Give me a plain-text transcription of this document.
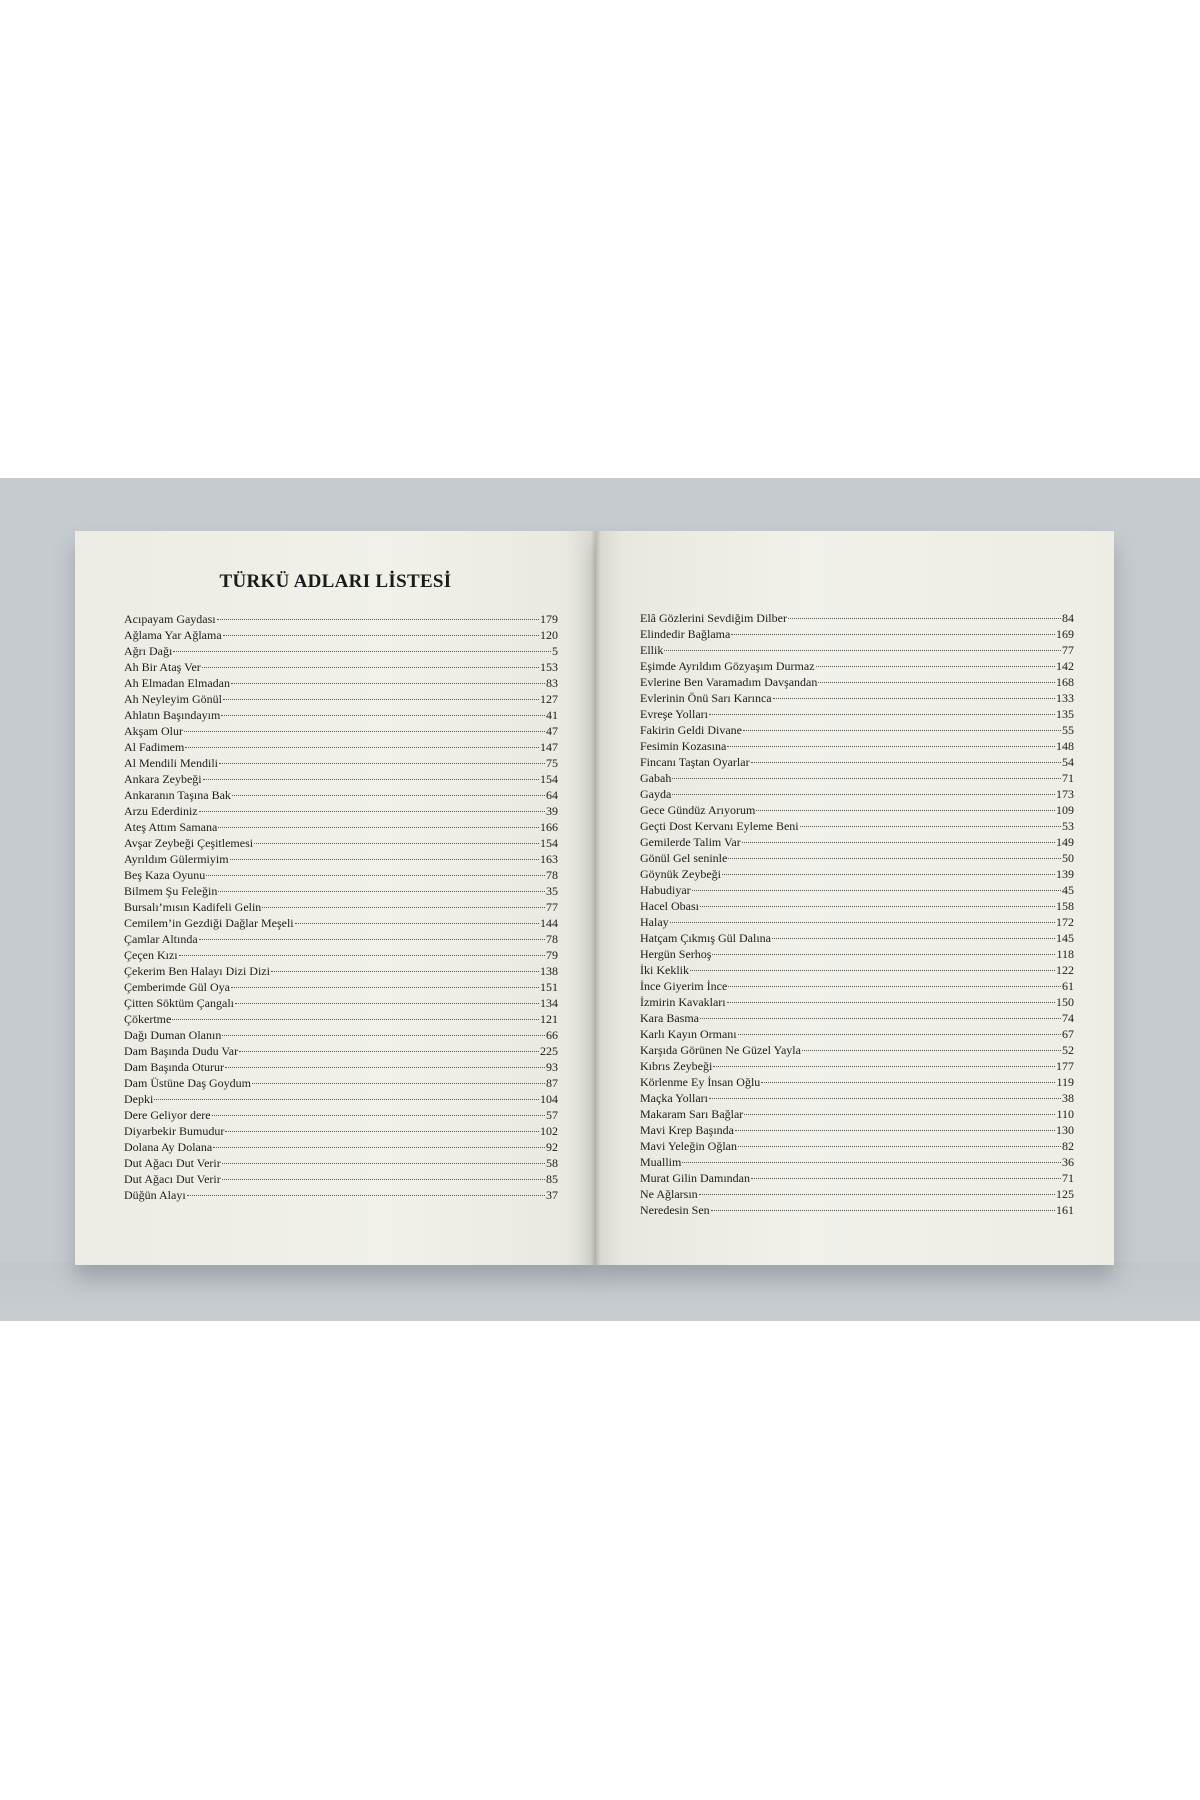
TÜRKÜ ADLARI LİSTESİ
Acıpayam Gaydası	179
Ağlama Yar Ağlama	120
Ağrı Dağı	5
Ah Bir Ataş Ver	153
Ah Elmadan Elmadan	83
Ah Neyleyim Gönül	127
Ahlatın Başındayım	41
Akşam Olur	47
Al Fadimem	147
Al Mendili Mendili	75
Ankara Zeybeği	154
Ankaranın Taşına Bak	64
Arzu Ederdiniz	39
Ateş Attım Samana	166
Avşar Zeybeği Çeşitlemesi	154
Ayrıldım Gülermiyim	163
Beş Kaza Oyunu	78
Bilmem Şu Feleğin	35
Bursalı’mısın Kadifeli Gelin	77
Cemilem’in Gezdiği Dağlar Meşeli	144
Çamlar Altında	78
Çeçen Kızı	79
Çekerim Ben Halayı Dizi Dizi	138
Çemberimde Gül Oya	151
Çitten Söktüm Çangalı	134
Çökertme	121
Dağı Duman Olanın	66
Dam Başında Dudu Var	225
Dam Başında Oturur	93
Dam Üstüne Daş Goydum	87
Depki	104
Dere Geliyor dere	57
Diyarbekir Bumudur	102
Dolana Ay Dolana	92
Dut Ağacı Dut Verir	58
Dut Ağacı Dut Verir	85
Düğün Alayı	37
Elâ Gözlerini Sevdiğim Dilber	84
Elindedir Bağlama	169
Ellik	77
Eşimde Ayrıldım Gözyaşım Durmaz	142
Evlerine Ben Varamadım Davşandan	168
Evlerinin Önü Sarı Karınca	133
Evreşe Yolları	135
Fakirin Geldi Divane	55
Fesimin Kozasına	148
Fincanı Taştan Oyarlar	54
Gabah	71
Gayda	173
Gece Gündüz Arıyorum	109
Geçti Dost Kervanı Eyleme Beni	53
Gemilerde Talim Var	149
Gönül Gel seninle	50
Göynük Zeybeği	139
Habudiyar	45
Hacel Obası	158
Halay	172
Hatçam Çıkmış Gül Dalına	145
Hergün Serhoş	118
İki Keklik	122
İnce Giyerim İnce	61
İzmirin Kavakları	150
Kara Basma	74
Karlı Kayın Ormanı	67
Karşıda Görünen Ne Güzel Yayla	52
Kıbrıs Zeybeği	177
Körlenme Ey İnsan Oğlu	119
Maçka Yolları	38
Makaram Sarı Bağlar	110
Mavi Krep Başında	130
Mavi Yeleğin Oğlan	82
Muallim	36
Murat Gilin Damından	71
Ne Ağlarsın	125
Neredesin Sen	161
